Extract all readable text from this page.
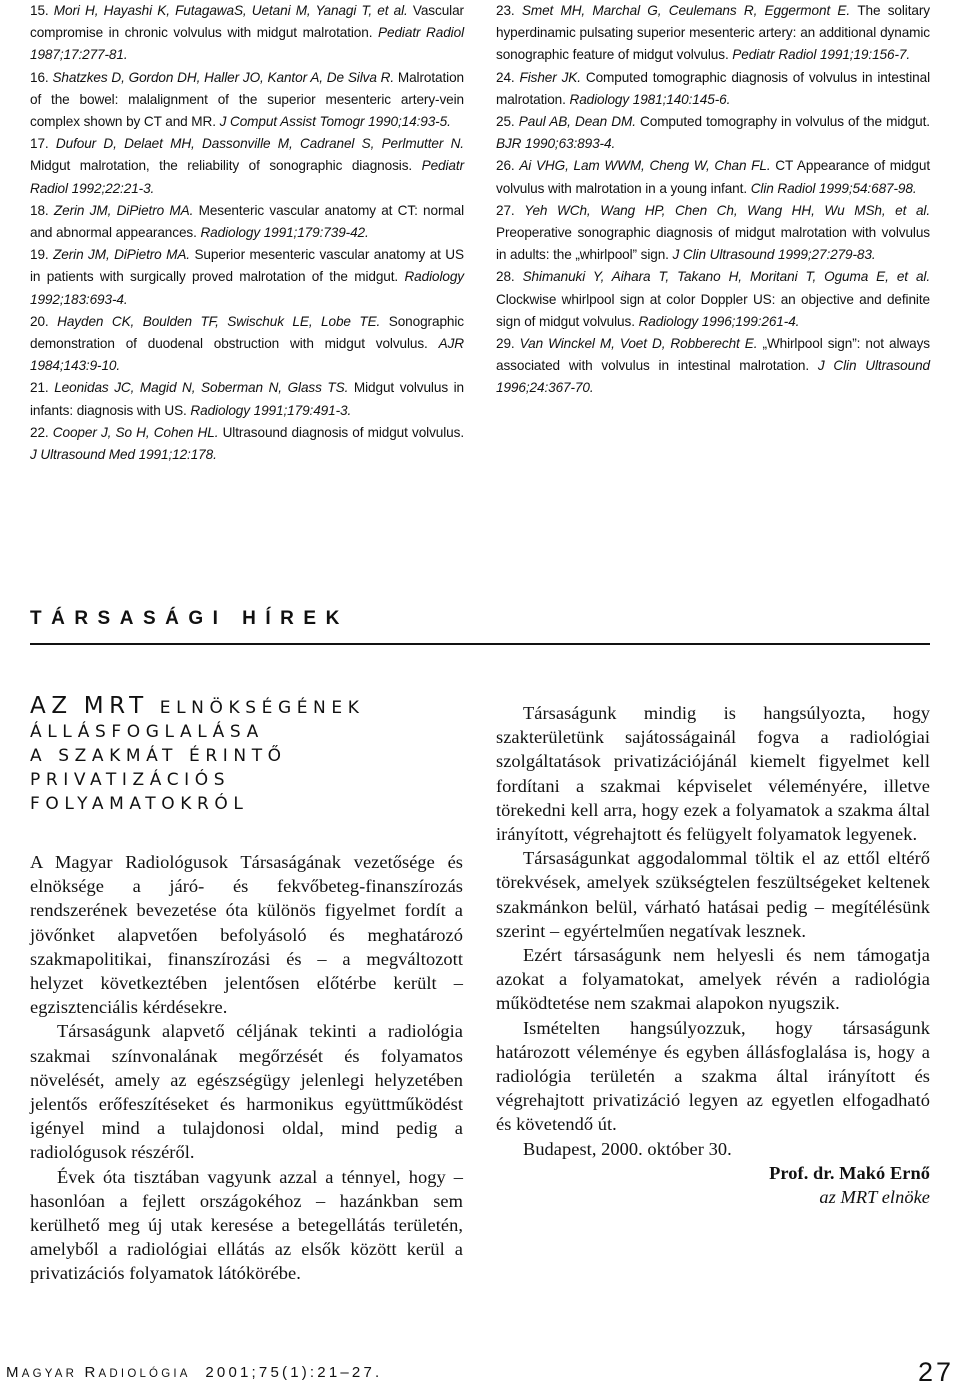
15. Mori H, Hayashi K, FutagawaS, Uetani M, Yanagi T, et al. Vascular compromise in chronic volvulus with midgut malrotation. Pediatr Radiol 1987;17:277-81.

16. Shatzkes D, Gordon DH, Haller JO, Kantor A, De Silva R. Malrotation of the bowel: malalignment of the superior mesenteric artery-vein complex shown by CT and MR. J Comput Assist Tomogr 1990;14:93-5.

17. Dufour D, Delaet MH, Dassonville M, Cadranel S, Perlmutter N. Midgut malrotation, the reliability of sonographic diagnosis. Pediatr Radiol 1992;22:21-3.

18. Zerin JM, DiPietro MA. Mesenteric vascular anatomy at CT: normal and abnormal appearances. Radiology 1991;179:739-42.

19. Zerin JM, DiPietro MA. Superior mesenteric vascular anatomy at US in patients with surgically proved malrotation of the midgut. Radiology 1992;183:693-4.

20. Hayden CK, Boulden TF, Swischuk LE, Lobe TE. Sonographic demonstration of duodenal obstruction with midgut volvulus. AJR 1984;143:9-10.

21. Leonidas JC, Magid N, Soberman N, Glass TS. Midgut volvulus in infants: diagnosis with US. Radiology 1991;179:491-3.

22. Cooper J, So H, Cohen HL. Ultrasound diagnosis of midgut volvulus. J Ultrasound Med 1991;12:178.

23. Smet MH, Marchal G, Ceulemans R, Eggermont E. The solitary hyperdinamic pulsating superior mesenteric artery: an additional dynamic sonographic feature of midgut volvulus. Pediatr Radiol 1991;19:156-7.

24. Fisher JK. Computed tomographic diagnosis of volvulus in intestinal malrotation. Radiology 1981;140:145-6.

25. Paul AB, Dean DM. Computed tomography in volvulus of the midgut. BJR 1990;63:893-4.

26. Ai VHG, Lam WWM, Cheng W, Chan FL. CT Appearance of midgut volvulus with malrotation in a young infant. Clin Radiol 1999;54:687-98.

27. Yeh WCh, Wang HP, Chen Ch, Wang HH, Wu MSh, et al. Preoperative sonographic diagnosis of midgut malrotation with volvulus in adults: the „whirlpool” sign. J Clin Ultrasound 1999;27:279-83.

28. Shimanuki Y, Aihara T, Takano H, Moritani T, Oguma E, et al. Clockwise whirlpool sign at color Doppler US: an objective and definite sign of midgut volvulus. Radiology 1996;199:261-4.

29. Van Winckel M, Voet D, Robberecht E. „Whirlpool sign”: not always associated with volvulus in intestinal malrotation. J Clin Ultrasound 1996;24:367-70.

TÁRSASÁGI HÍREK
AZ MRT ELNÖKSÉGÉNEK
ÁLLÁSFOGLALÁSA
A SZAKMÁT ÉRINTŐ
PRIVATIZÁCIÓS
FOLYAMATOKRÓL

A Magyar Radiológusok Társaságának vezetősége és elnöksége a járó- és fekvőbeteg-finanszírozás rendszerének bevezetése óta különös figyelmet fordít a jövőnket alapvetően befolyásoló és meghatározó szakmapolitikai, finanszírozási és – a megváltozott helyzet következtében jelentősen előtérbe került – egzisztenciális kérdésekre.

Társaságunk alapvető céljának tekinti a radiológia szakmai színvonalának megőrzését és folyamatos növelését, amely az egészségügy jelenlegi helyzetében jelentős erőfeszítéseket és harmonikus együttműködést igényel mind a tulajdonosi oldal, mind pedig a radiológusok részéről.

Évek óta tisztában vagyunk azzal a ténnyel, hogy – hasonlóan a fejlett országokéhoz – hazánkban sem kerülhető meg új utak keresése a betegellátás területén, amelyből a radiológiai ellátás az elsők között kerül a privatizációs folyamatok látókörébe.

Társaságunk mindig is hangsúlyozta, hogy szakterületünk sajátosságainál fogva a radiológiai szolgáltatások privatizációjánál kiemelt figyelmet kell fordítani a szakmai képviselet véleményére, illetve törekedni kell arra, hogy ezek a folyamatok a szakma által irányított, végrehajtott és felügyelt folyamatok legyenek.

Társaságunkat aggodalommal töltik el az ettől eltérő törekvések, amelyek szükségtelen feszültségeket keltenek szakmánkon belül, várható hatásai pedig – megítélésünk szerint – egyértelműen negatívak lesznek.

Ezért társaságunk nem helyesli és nem támogatja azokat a folyamatokat, amelyek révén a radiológia működtetése nem szakmai alapokon nyugszik.

Ismételten hangsúlyozzuk, hogy társaságunk határozott véleménye és egyben állásfoglalása is, hogy a radiológia területén a szakma által irányított és végrehajtott privatizáció legyen az egyetlen elfogadható és követendő út.

Budapest, 2000. október 30.

Prof. dr. Makó Ernő

az MRT elnöke

MAGYAR RADIOLÓGIA 2001;75(1):21–27.	27
